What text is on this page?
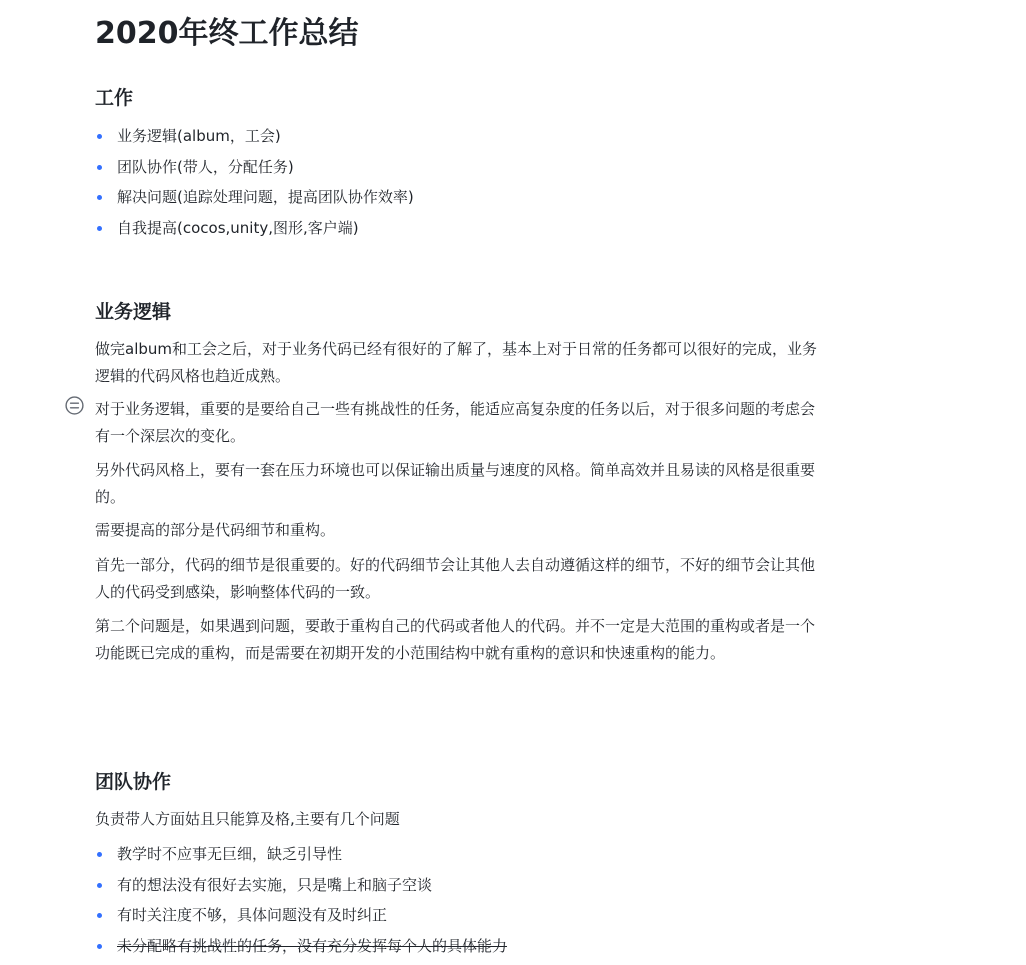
2020年终工作总结
工作
业务逻辑(album，工会)
团队协作(带人，分配任务)
解决问题(追踪处理问题，提高团队协作效率)
自我提高(cocos,unity,图形,客户端)
业务逻辑

做完album和工会之后，对于业务代码已经有很好的了解了，基本上对于日常的任务都可以很好的完成，业务逻辑的代码风格也趋近成熟。

对于业务逻辑，重要的是要给自己一些有挑战性的任务，能适应高复杂度的任务以后，对于很多问题的考虑会有一个深层次的变化。

另外代码风格上，要有一套在压力环境也可以保证输出质量与速度的风格。简单高效并且易读的风格是很重要的。

需要提高的部分是代码细节和重构。

首先一部分，代码的细节是很重要的。好的代码细节会让其他人去自动遵循这样的细节，不好的细节会让其他人的代码受到感染，影响整体代码的一致。

第二个问题是，如果遇到问题，要敢于重构自己的代码或者他人的代码。并不一定是大范围的重构或者是一个功能既已完成的重构，而是需要在初期开发的小范围结构中就有重构的意识和快速重构的能力。

团队协作

负责带人方面姑且只能算及格,主要有几个问题

教学时不应事无巨细，缺乏引导性
有的想法没有很好去实施，只是嘴上和脑子空谈
有时关注度不够，具体问题没有及时纠正
未分配略有挑战性的任务，没有充分发挥每个人的具体能力
